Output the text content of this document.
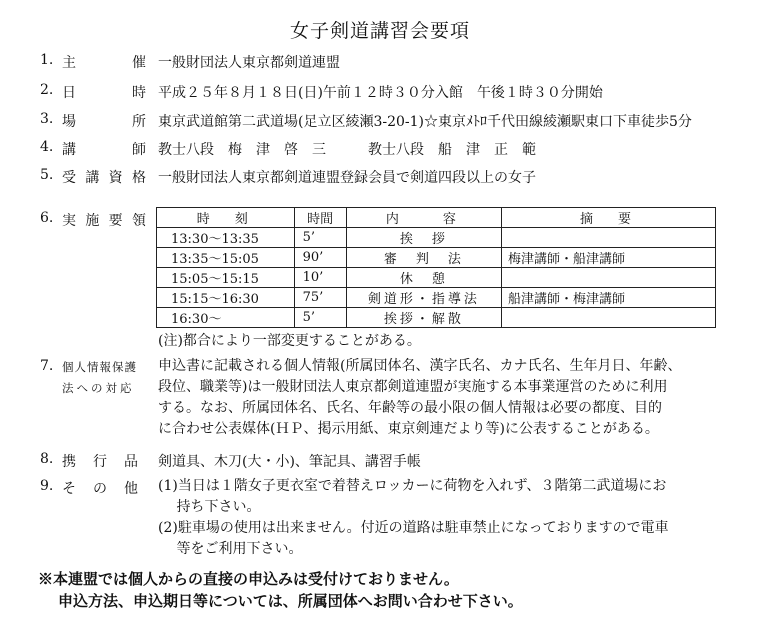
女子剣道講習会要項
1. 主	催 一般財団法人東京都剣道連盟
2. 日	時 平成２５年８月１８日(日)午前１２時３０分入館　午後１時３０分開始
3. 場	所 東京武道館第二武道場(足立区綾瀬3-20-1)☆東京ﾒﾄﾛ千代田線綾瀬駅東口下車徒歩5分
4. 講	師 教士八段　梅　津　啓　三　　　教士八段　船　津　正　範
5. 受 講 資 格 一般財団法人東京都剣道連盟登録会員で剣道四段以上の女子
6. 実 施 要 領	時　刻	時間	内　　容	摘　要
13:30～13:35	5’	挨　拶	
13:35～15:05	90’	審　判　法	梅津講師・船津講師
15:05～15:15	10’	休　憩	
15:15～16:30	75’	剣道形・指導法	船津講師・梅津講師
16:30～	5’	挨拶・解散	
(注)都合により一部変更することがある。
7. 個人情報保護
法への対応
申込書に記載される個人情報(所属団体名、漢字氏名、カナ氏名、生年月日、年齢、
段位、職業等)は一般財団法人東京都剣道連盟が実施する本事業運営のために利用
する。なお、所属団体名、氏名、年齢等の最小限の個人情報は必要の都度、目的
に合わせ公表媒体(ＨＰ、掲示用紙、東京剣連だより等)に公表することがある。
8. 携 行 品 剣道具、木刀(大・小)、筆記具、講習手帳
9. そ の 他 (1)当日は１階女子更衣室で着替えロッカーに荷物を入れず、３階第二武道場にお
　 持ち下さい。
(2)駐車場の使用は出来ません。付近の道路は駐車禁止になっておりますので電車
　 等をご利用下さい。
※本連盟では個人からの直接の申込みは受付けておりません。
申込方法、申込期日等については、所属団体へお問い合わせ下さい。
